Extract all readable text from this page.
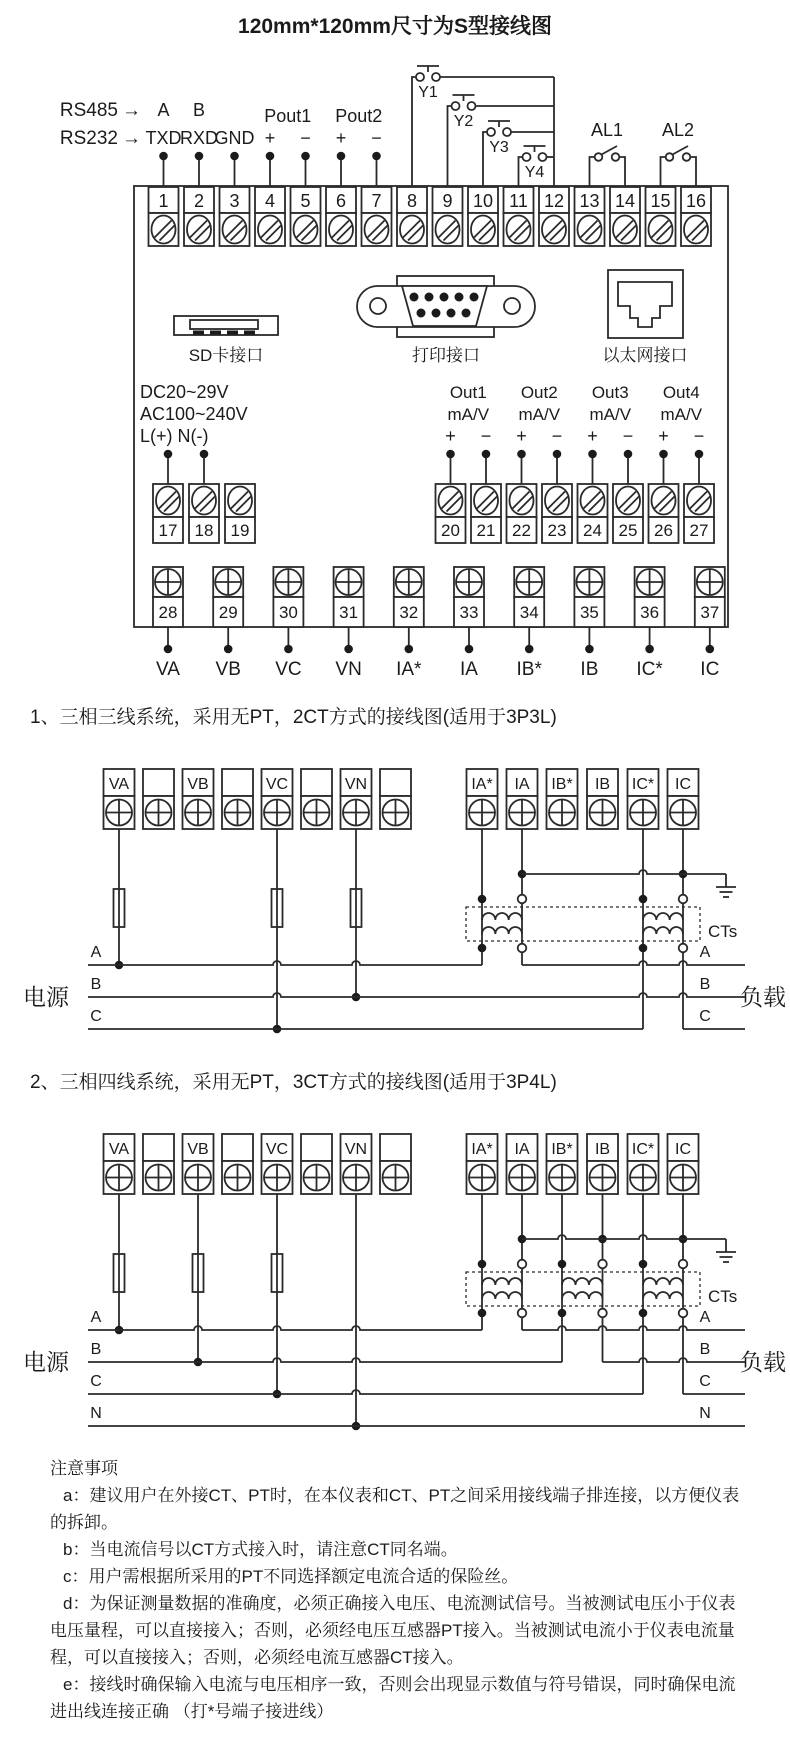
120mm*120mm尺寸为S型接线图
1 2 3 4 5 6 7 8 9 10 11 12 13 14 15 16
RS485 →
RS232 →
A B
TXD
RXD
GND
Pout1
+ −
Pout2
+ −
Y1
Y2
Y3
Y4
AL1 AL2
SD卡接口	打印接口	以太网接口
DC20~29V
AC100~240V
L(+) N(-)
17 18 19
Out1
mA/V
+ −
Out2
mA/V
+ −
Out3
mA/V
+ −
Out4
mA/V
+ −
20 21 22 23 24 25 26 27
28 29 30 31 32 33 34 35 36 37
VA VB VC VN IA* IA IB* IB IC* IC

1、三相三线系统，采用无PT，2CT方式的接线图(适用于3P3L)

VA	VB	VC	VN	IA* IA IB* IB IC* IC
A	A
B	B
C	C
CTs
电源	负载

2、三相四线系统，采用无PT，3CT方式的接线图(适用于3P4L)

VA	VB	VC	VN	IA* IA IB* IB IC* IC
A	A
B	B
C	C
N	N
CTs
电源	负载

注意事项

a：建议用户在外接CT、PT时，在本仪表和CT、PT之间采用接线端子排连接，以方便仪表的拆卸。

b：当电流信号以CT方式接入时，请注意CT同名端。

c：用户需根据所采用的PT不同选择额定电流合适的保险丝。

d：为保证测量数据的准确度，必须正确接入电压、电流测试信号。当被测试电压小于仪表电压量程，可以直接接入；否则，必须经电压互感器PT接入。当被测试电流小于仪表电流量程，可以直接接入；否则，必须经电流互感器CT接入。

e：接线时确保输入电流与电压相序一致，否则会出现显示数值与符号错误，同时确保电流进出线连接正确 （打*号端子接进线）
